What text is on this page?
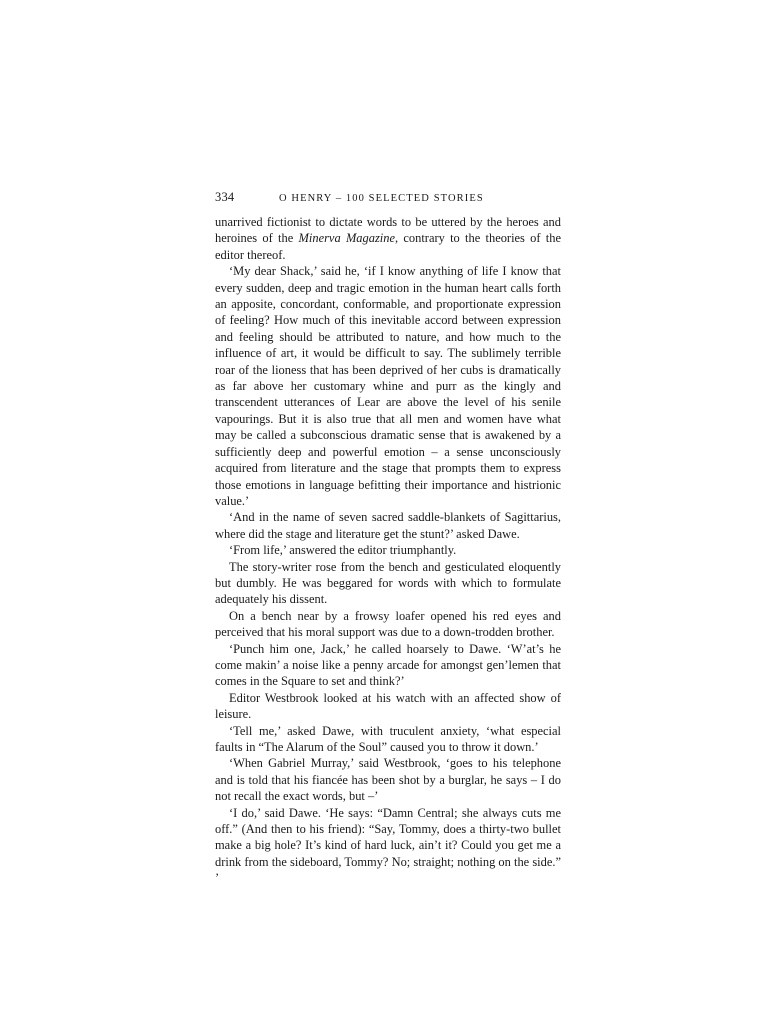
334	O HENRY – 100 SELECTED STORIES

unarrived fictionist to dictate words to be uttered by the heroes and heroines of the Minerva Magazine, contrary to the theories of the editor thereof.

‘My dear Shack,’ said he, ‘if I know anything of life I know that every sudden, deep and tragic emotion in the human heart calls forth an apposite, concordant, conformable, and proportionate expression of feeling? How much of this inevitable accord between expression and feeling should be attributed to nature, and how much to the influence of art, it would be difficult to say. The sublimely terrible roar of the lioness that has been deprived of her cubs is dramatically as far above her customary whine and purr as the kingly and transcendent utterances of Lear are above the level of his senile vapourings. But it is also true that all men and women have what may be called a subconscious dramatic sense that is awakened by a sufficiently deep and powerful emotion – a sense unconsciously acquired from literature and the stage that prompts them to express those emotions in language befitting their importance and histrionic value.’

‘And in the name of seven sacred saddle-blankets of Sagittarius, where did the stage and literature get the stunt?’ asked Dawe.

‘From life,’ answered the editor triumphantly.

The story-writer rose from the bench and gesticulated eloquently but dumbly. He was beggared for words with which to formulate adequately his dissent.

On a bench near by a frowsy loafer opened his red eyes and perceived that his moral support was due to a down-trodden brother.

‘Punch him one, Jack,’ he called hoarsely to Dawe. ‘W’at’s he come makin’ a noise like a penny arcade for amongst gen’lemen that comes in the Square to set and think?’

Editor Westbrook looked at his watch with an affected show of leisure.

‘Tell me,’ asked Dawe, with truculent anxiety, ‘what especial faults in “The Alarum of the Soul” caused you to throw it down.’

‘When Gabriel Murray,’ said Westbrook, ‘goes to his telephone and is told that his fiancée has been shot by a burglar, he says – I do not recall the exact words, but –’

‘I do,’ said Dawe. ‘He says: “Damn Central; she always cuts me off.” (And then to his friend): “Say, Tommy, does a thirty-two bullet make a big hole? It’s kind of hard luck, ain’t it? Could you get me a drink from the sideboard, Tommy? No; straight; nothing on the side.” ’
